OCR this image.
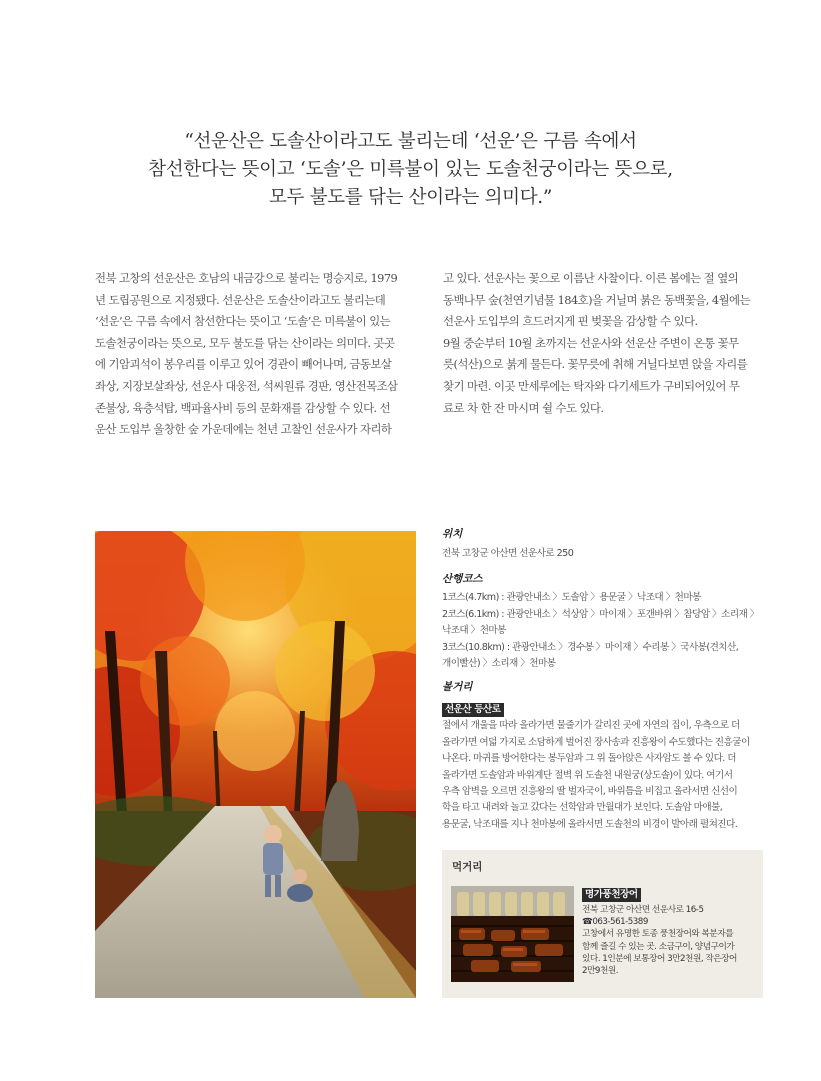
“선운산은 도솔산이라고도 불리는데 ‘선운’은 구름 속에서
참선한다는 뜻이고 ‘도솔’은 미륵불이 있는 도솔천궁이라는 뜻으로,
모두 불도를 닦는 산이라는 의미다.”
전북 고창의 선운산은 호남의 내금강으로 불리는 명승지로, 1979
년 도립공원으로 지정됐다. 선운산은 도솔산이라고도 불리는데
‘선운’은 구름 속에서 참선한다는 뜻이고 ‘도솔’은 미륵불이 있는
도솔천궁이라는 뜻으로, 모두 불도를 닦는 산이라는 의미다. 곳곳
에 기암괴석이 봉우리를 이루고 있어 경관이 빼어나며, 금동보살
좌상, 지장보살좌상, 선운사 대웅전, 석씨원류 경판, 영산전목조삼
존불상, 육층석탑, 백파율사비 등의 문화재를 감상할 수 있다. 선
운산 도입부 울창한 숲 가운데에는 천년 고찰인 선운사가 자리하
고 있다. 선운사는 꽃으로 이름난 사찰이다. 이른 봄에는 절 옆의
동백나무 숲(천연기념물 184호)을 거닐며 붉은 동백꽃을, 4월에는
선운사 도입부의 흐드러지게 핀 벚꽃을 감상할 수 있다.
9월 중순부터 10월 초까지는 선운사와 선운산 주변이 온통 꽃무
릇(석산)으로 붉게 물든다. 꽃무릇에 취해 거닐다보면 앉을 자리를
찾기 마련. 이곳 만세루에는 탁자와 다기세트가 구비되어있어 무
료로 차 한 잔 마시며 쉴 수도 있다.
위치
전북 고창군 아산면 선운사로 250
산행코스
1코스(4.7km) : 관광안내소 〉도솔암 〉용문굴 〉낙조대 〉천마봉
2코스(6.1km) : 관광안내소 〉석상암 〉마이재 〉포갠바위 〉참당암 〉소리재 〉
낙조대 〉천마봉
3코스(10.8km) : 관광안내소 〉경수봉 〉마이재 〉수리봉 〉국사봉(견치산,
개이빨산) 〉소리재 〉천마봉
볼거리
선운산 등산로
절에서 개울을 따라 올라가면 물줄기가 갈리진 곳에 자연의 집이, 우측으로 더
올라가면 여덟 가지로 소담하게 벌어진 장사송과 진흥왕이 수도했다는 진흥굴이
나온다. 마귀를 방어한다는 봉두암과 그 위 돌아앉은 사자암도 볼 수 있다. 더
올라가면 도솔암과 바위계단 절벽 위 도솔천 내원궁(상도솔)이 있다. 여기서
우측 암벽을 오르면 진흥왕의 딸 벌자국이, 바위틈을 비집고 올라서면 신선이
학을 타고 내려와 놀고 갔다는 선학암과 만월대가 보인다. 도솔암 마애불,
용문굴, 낙조대를 지나 천마봉에 올라서면 도솔천의 비경이 발아래 펼쳐진다.
먹거리
명가풍천장어
전북 고창군 아산면 선운사로 16-5
☎063-561-5389
고창에서 유명한 토종 풍천장어와 복분자를
함께 즐길 수 있는 곳. 소금구이, 양념구이가
있다. 1인분에 보통장어 3만2천원, 작은장어
2만9천원.
